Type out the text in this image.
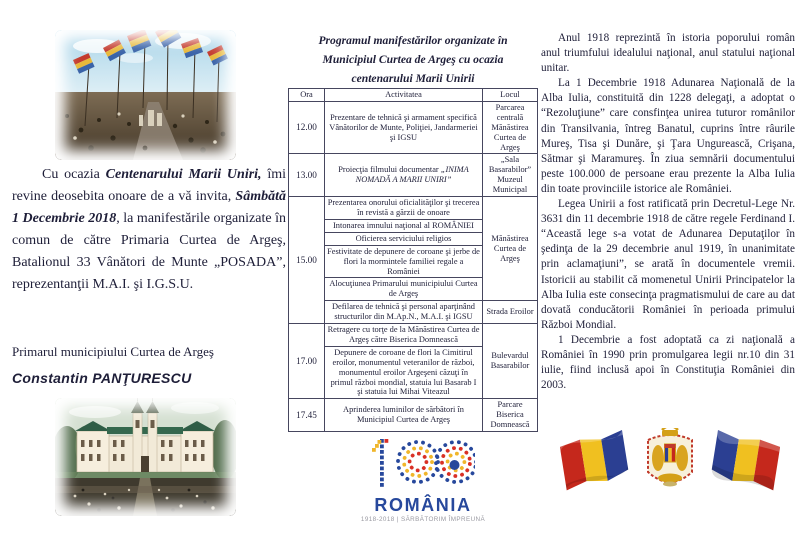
Cu ocazia Centenarului Marii Uniri, îmi revine deosebita onoare de a vă invita, Sâmbătă 1 Decembrie 2018, la manifestările organizate în comun de către Primaria Curtea de Argeş, Batalionul 33 Vânători de Munte „POSADA”, reprezentanţii M.A.I. şi I.G.S.U.

Primarul municipiului Curtea de Argeş
Constantin PANŢURESCU
Programul manifestărilor organizate în
Municipiul Curtea de Argeş cu ocazia
centenarului Marii Unirii
Ora	Activitatea	Locul
12.00	Prezentare de tehnică şi armament specifică Vânătorilor de Munte, Poliţiei, Jandarmeriei şi IGSU	Parcarea centrală Mănăstirea Curtea de Argeş
13.00	Proiecţia filmului documentar „INIMA NOMADĂ A MARII UNIRI”	„Sala Basarabilor” Muzeul Municipal
15.00	Prezentarea onorului oficialităţilor şi trecerea în revistă a gărzii de onoare	Mănăstirea Curtea de Argeş
	Intonarea imnului naţional al ROMÂNIEI	
	Oficierea serviciului religios	
	Festivitate de depunere de coroane şi jerbe de flori la mormintele familiei regale a României	
	Alocuţiunea Primarului municipiului Curtea de Argeş	
	Defilarea de tehnică şi personal aparţinând structurilor din M.Ap.N., M.A.I. şi IGSU	Strada Eroilor
17.00	Retragere cu torţe de la Mănăstirea Curtea de Argeş către Biserica Domnească	Bulevardul Basarabilor
	Depunere de coroane de flori la Cimitirul eroilor, monumentul veteranilor de război, monumentul eroilor Argeşeni căzuţi în primul război mondial, statuia lui Basarab I şi statuia lui Mihai Viteazul	
17.45	Aprinderea luminilor de sărbători în Municipiul Curtea de Argeş	Parcare Biserica Domnească
ROMÂNIA
1918-2018 | SĂRBĂTORIM ÎMPREUNĂ

Anul 1918 reprezintă în istoria poporului român anul triumfului idealului naţional, anul statului naţional unitar.

La 1 Decembrie 1918 Adunarea Naţională de la Alba Iulia, constituită din 1228 delegaţi, a adoptat o “Rezoluţiune” care consfinţea unirea tuturor românilor din Transilvania, întreg Banatul, cuprins între râurile Mureş, Tisa şi Dunăre, şi Ţara Ungurească, Crişana, Sătmar şi Maramureş. În ziua semnării documentului peste 100.000 de persoane erau prezente la Alba Iulia din toate provinciile istorice ale României.

Legea Unirii a fost ratificată prin Decretul-Lege Nr. 3631 din 11 decembrie 1918 de către regele Ferdinand I. “Această lege s-a votat de Adunarea Deputaţilor în şedinţa de la 29 decembrie anul 1919, în unanimitate prin aclamaţiuni”, se arată în documentele vremii. Istoricii au stabilit că momenetul Unirii Principatelor la Alba Iulia este consecinţa pragmatismului de care au dat dovată conducătorii României în perioada primului Război Mondial.

1 Decembrie a fost adoptată ca zi naţională a României în 1990 prin promulgarea legii nr.10 din 31 iulie, fiind inclusă apoi în Constituţia României din 2003.
